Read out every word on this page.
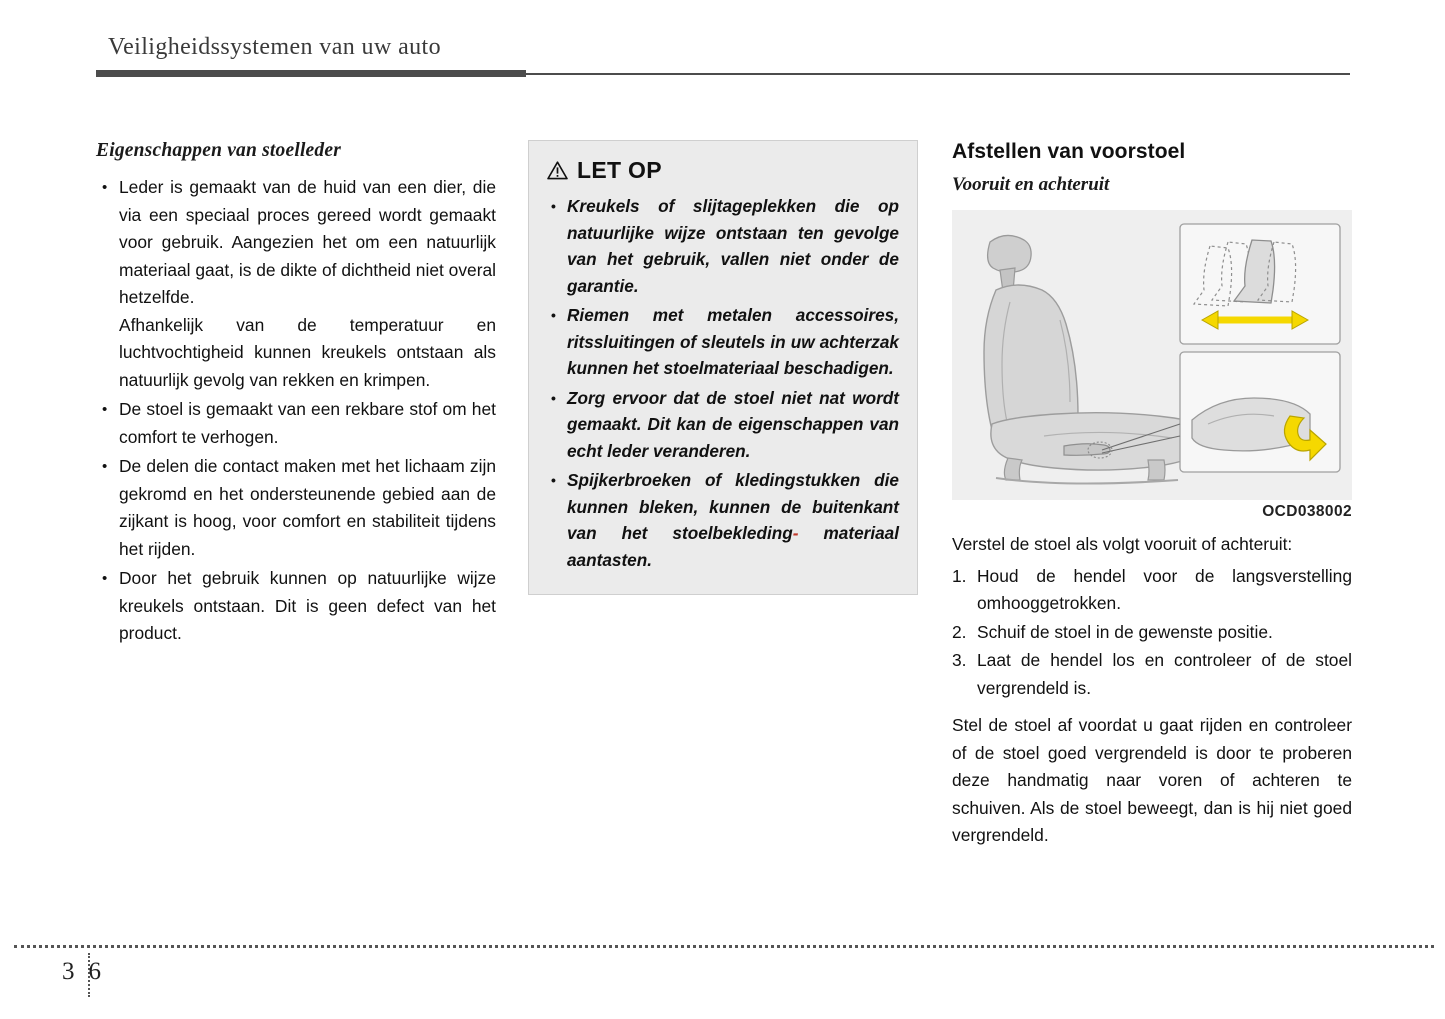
Veiligheidssystemen van uw auto
Eigenschappen van stoelleder

• Leder is gemaakt van de huid van een dier, die via een speciaal proces gereed wordt gemaakt voor gebruik. Aangezien het om een natuurlijk materiaal gaat, is de dikte of dichtheid niet overal hetzelfde.

Afhankelijk van de temperatuur en luchtvochtigheid kunnen kreukels ontstaan als natuurlijk gevolg van rekken en krimpen.

• De stoel is gemaakt van een rekbare stof om het comfort te verhogen.

• De delen die contact maken met het lichaam zijn gekromd en het ondersteunende gebied aan de zijkant is hoog, voor comfort en stabiliteit tijdens het rijden.

• Door het gebruik kunnen op natuurlijke wijze kreukels ontstaan. Dit is geen defect van het product.

LET OP
• Kreukels of slijtageplekken die op natuurlijke wijze ontstaan ten gevolge van het gebruik, vallen niet onder de garantie.
• Riemen met metalen accessoires, ritssluitingen of sleutels in uw achterzak kunnen het stoelmateriaal beschadigen.
• Zorg ervoor dat de stoel niet nat wordt gemaakt. Dit kan de eigenschappen van echt leder veranderen.
• Spijkerbroeken of kledingstukken die kunnen bleken, kunnen de buitenkant van het stoelbekleding- materiaal aantasten.
Afstellen van voorstoel
Vooruit en achteruit
OCD038002

Verstel de stoel als volgt vooruit of achteruit:

Houd de hendel voor de langsverstelling omhooggetrokken.
Schuif de stoel in de gewenste positie.
Laat de hendel los en controleer of de stoel vergrendeld is.

Stel de stoel af voordat u gaat rijden en controleer of de stoel goed vergrendeld is door te proberen deze handmatig naar voren of achteren te schuiven. Als de stoel beweegt, dan is hij niet goed vergrendeld.

3 6
